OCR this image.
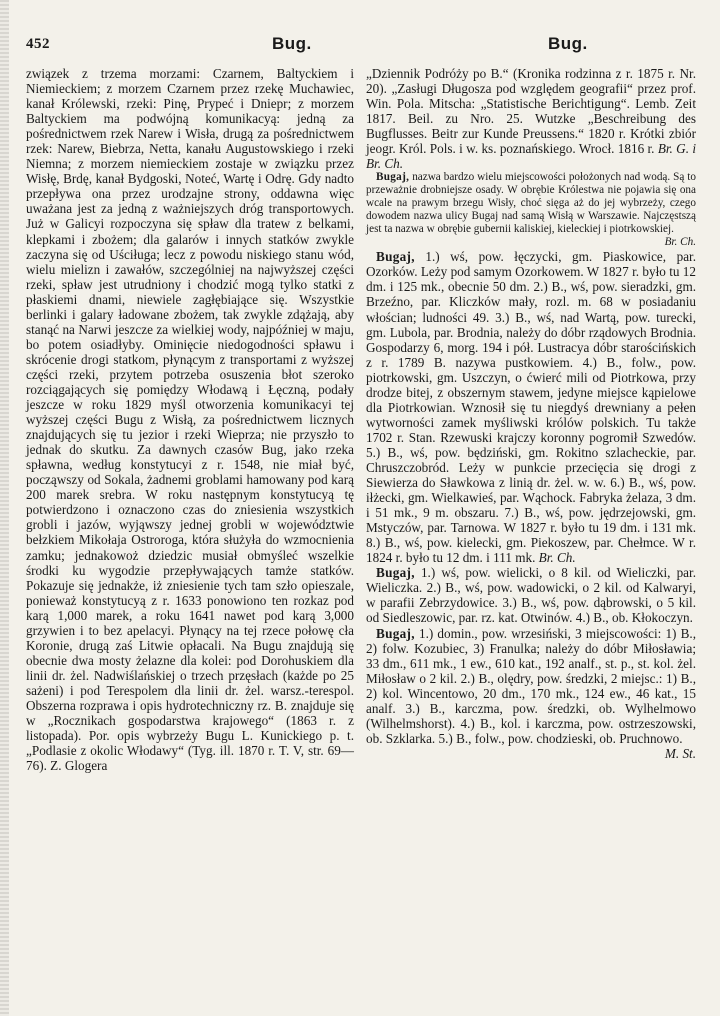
452	Bug.	Bug.

związek z trzema morzami: Czarnem, Baltyckiem i Niemieckiem; z morzem Czarnem przez rzekę Muchawiec, kanał Królewski, rzeki: Pinę, Prypeć i Dniepr; z morzem Baltyckiem ma podwójną komunikacyą: jedną za pośrednictwem rzek Narew i Wisła, drugą za pośrednictwem rzek: Narew, Biebrza, Netta, kanału Augustowskiego i rzeki Niemna; z morzem niemieckiem zostaje w związku przez Wisłę, Brdę, kanał Bydgoski, Noteć, Wartę i Odrę. Gdy nadto przepływa ona przez urodzajne strony, oddawna więc uważana jest za jedną z ważniejszych dróg transportowych. Już w Galicyi rozpoczyna się spław dla tratew z belkami, klepkami i zbożem; dla galarów i innych statków zwykle zaczyna się od Uściługa; lecz z powodu niskiego stanu wód, wielu mielizn i zawałów, szczególniej na najwyższej części rzeki, spław jest utrudniony i chodzić mogą tylko statki z płaskiemi dnami, niewiele zagłębiające się. Wszystkie berlinki i galary ładowane zbożem, tak zwykle zdążają, aby stanąć na Narwi jeszcze za wielkiej wody, najpóźniej w maju, bo potem osiadłyby. Ominięcie niedogodności spławu i skrócenie drogi statkom, płynącym z transportami z wyższej części rzeki, przytem potrzeba osuszenia błot szeroko rozciągających się pomiędzy Włodawą i Łęczną, podały jeszcze w roku 1829 myśl otworzenia komunikacyi tej wyższej części Bugu z Wisłą, za pośrednictwem licznych znajdujących się tu jezior i rzeki Wieprza; nie przyszło to jednak do skutku. Za dawnych czasów Bug, jako rzeka spławna, według konstytucyi z r. 1548, nie miał być, począwszy od Sokala, żadnemi groblami hamowany pod karą 200 marek srebra. W roku następnym konstytucyą tę potwierdzono i oznaczono czas do zniesienia wszystkich grobli i jazów, wyjąwszy jednej grobli w województwie bełzkiem Mikołaja Ostroroga, która służyła do wzmocnienia zamku; jednakowoż dziedzic musiał obmyśleć wszelkie środki ku wygodzie przepływających tamże statków. Pokazuje się jednakże, iż zniesienie tych tam szło opieszale, ponieważ konstytucyą z r. 1633 ponowiono ten rozkaz pod karą 1,000 marek, a roku 1641 nawet pod karą 3,000 grzywien i to bez apelacyi. Płynący na tej rzece połowę cła Koronie, drugą zaś Litwie opłacali. Na Bugu znajdują się obecnie dwa mosty żelazne dla kolei: pod Dorohuskiem dla linii dr. żel. Nadwiślańskiej o trzech przęsłach (każde po 25 sażeni) i pod Terespolem dla linii dr. żel. warsz.-terespol. Obszerna rozprawa i opis hydrotechniczny rz. B. znajduje się w „Rocznikach gospodarstwa krajowego“ (1863 r. z listopada). Por. opis wybrzeży Bugu L. Kunickiego p. t. „Podlasie z okolic Włodawy“ (Tyg. ill. 1870 r. T. V, str. 69—76). Z. Glogera

„Dziennik Podróży po B.“ (Kronika rodzinna z r. 1875 r. Nr. 20). „Zasługi Długosza pod względem geografii“ przez prof. Win. Pola. Mitscha: „Statistische Berichtigung“. Lemb. Zeit 1817. Beil. zu Nro. 25. Wutzke „Beschreibung des Bugflusses. Beitr zur Kunde Preussens.“ 1820 r. Krótki zbiór jeogr. Król. Pols. i w. ks. poznańskiego. Wrocł. 1816 r. Br. G. i Br. Ch.

Bugaj, nazwa bardzo wielu miejscowości położonych nad wodą. Są to przeważnie drobniejsze osady. W obrębie Królestwa nie pojawia się ona wcale na prawym brzegu Wisły, choć sięga aż do jej wybrzeży, czego dowodem nazwa ulicy Bugaj nad samą Wisłą w Warszawie. Najczęstszą jest ta nazwa w obrębie gubernii kaliskiej, kieleckiej i piotrkowskiej.

Br. Ch.

Bugaj, 1.) wś, pow. łęczycki, gm. Piaskowice, par. Ozorków. Leży pod samym Ozorkowem. W 1827 r. było tu 12 dm. i 125 mk., obecnie 50 dm. 2.) B., wś, pow. sieradzki, gm. Brzeźno, par. Kliczków mały, rozl. m. 68 w posiadaniu włościan; ludności 49. 3.) B., wś, nad Wartą, pow. turecki, gm. Lubola, par. Brodnia, należy do dóbr rządowych Brodnia. Gospodarzy 6, morg. 194 i pół. Lustracya dóbr starościńskich z r. 1789 B. nazywa pustkowiem. 4.) B., folw., pow. piotrkowski, gm. Uszczyn, o ćwierć mili od Piotrkowa, przy drodze bitej, z obszernym stawem, jedyne miejsce kąpielowe dla Piotrkowian. Wznosił się tu niegdyś drewniany a pełen wytworności zamek myśliwski królów polskich. Tu także 1702 r. Stan. Rzewuski krajczy koronny pogromił Szwedów. 5.) B., wś, pow. będziński, gm. Rokitno szlacheckie, par. Chruszczobród. Leży w punkcie przecięcia się drogi z Siewierza do Sławkowa z linią dr. żel. w. w. 6.) B., wś, pow. iłżecki, gm. Wielkawieś, par. Wąchock. Fabryka żelaza, 3 dm. i 51 mk., 9 m. obszaru. 7.) B., wś, pow. jędrzejowski, gm. Mstyczów, par. Tarnowa. W 1827 r. było tu 19 dm. i 131 mk. 8.) B., wś, pow. kielecki, gm. Piekoszew, par. Chełmce. W r. 1824 r. było tu 12 dm. i 111 mk. Br. Ch.

Bugaj, 1.) wś, pow. wielicki, o 8 kil. od Wieliczki, par. Wieliczka. 2.) B., wś, pow. wadowicki, o 2 kil. od Kalwaryi, w parafii Zebrzydowice. 3.) B., wś, pow. dąbrowski, o 5 kil. od Siedleszowic, par. rz. kat. Otwinów. 4.) B., ob. Kłokoczyn.

Bugaj, 1.) domin., pow. wrzesiński, 3 miejscowości: 1) B., 2) folw. Kozubiec, 3) Franulka; należy do dóbr Miłosławia; 33 dm., 611 mk., 1 ew., 610 kat., 192 analf., st. p., st. kol. żel. Miłosław o 2 kil. 2.) B., olędry, pow. średzki, 2 miejsc.: 1) B., 2) kol. Wincentowo, 20 dm., 170 mk., 124 ew., 46 kat., 15 analf. 3.) B., karczma, pow. średzki, ob. Wylhelmowo (Wilhelmshorst). 4.) B., kol. i karczma, pow. ostrzeszowski, ob. Szklarka. 5.) B., folw., pow. chodzieski, ob. Pruchnowo.

M. St.
